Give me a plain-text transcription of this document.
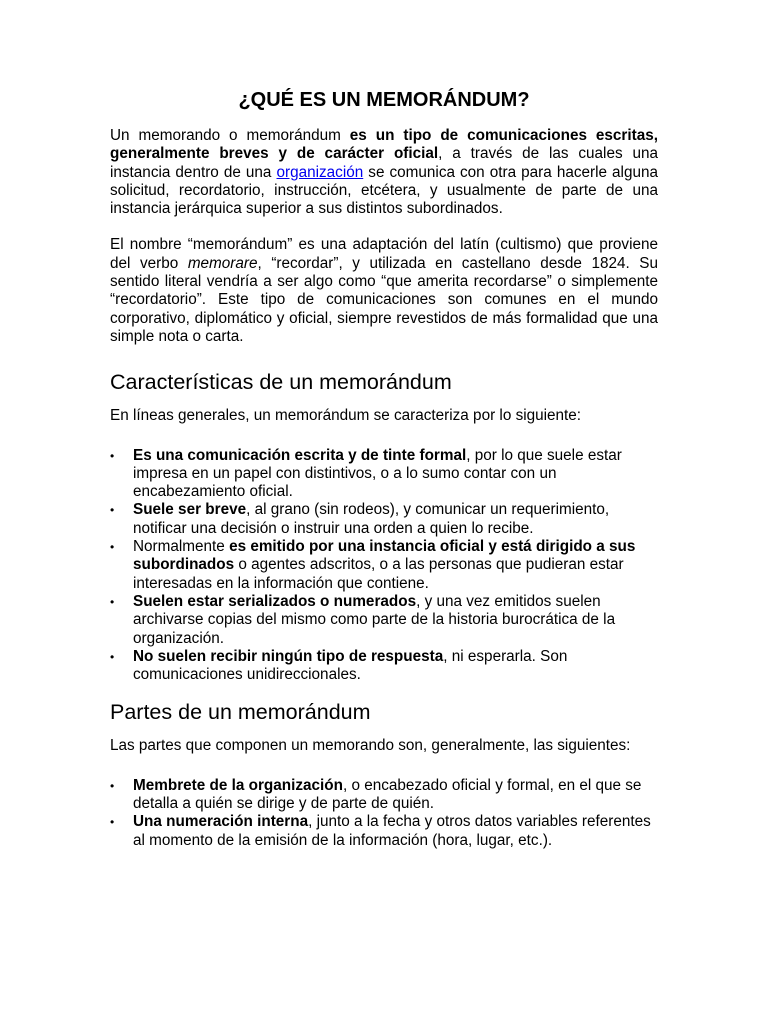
¿QUÉ ES UN MEMORÁNDUM?

Un memorando o memorándum es un tipo de comunicaciones escritas, generalmente breves y de carácter oficial, a través de las cuales una instancia dentro de una organización se comunica con otra para hacerle alguna solicitud, recordatorio, instrucción, etcétera, y usualmente de parte de una instancia jerárquica superior a sus distintos subordinados.

El nombre “memorándum” es una adaptación del latín (cultismo) que proviene del verbo memorare, “recordar”, y utilizada en castellano desde 1824. Su sentido literal vendría a ser algo como “que amerita recordarse” o simplemente “recordatorio”. Este tipo de comunicaciones son comunes en el mundo corporativo, diplomático y oficial, siempre revestidos de más formalidad que una simple nota o carta.

Características de un memorándum

En líneas generales, un memorándum se caracteriza por lo siguiente:

•	Es una comunicación escrita y de tinte formal, por lo que suele estar impresa en un papel con distintivos, o a lo sumo contar con un encabezamiento oficial.
•	Suele ser breve, al grano (sin rodeos), y comunicar un requerimiento, notificar una decisión o instruir una orden a quien lo recibe.
•	Normalmente es emitido por una instancia oficial y está dirigido a sus subordinados o agentes adscritos, o a las personas que pudieran estar interesadas en la información que contiene.
•	Suelen estar serializados o numerados, y una vez emitidos suelen archivarse copias del mismo como parte de la historia burocrática de la organización.
•	No suelen recibir ningún tipo de respuesta, ni esperarla. Son comunicaciones unidireccionales.
Partes de un memorándum

Las partes que componen un memorando son, generalmente, las siguientes:

•	Membrete de la organización, o encabezado oficial y formal, en el que se detalla a quién se dirige y de parte de quién.
•	Una numeración interna, junto a la fecha y otros datos variables referentes al momento de la emisión de la información (hora, lugar, etc.).
